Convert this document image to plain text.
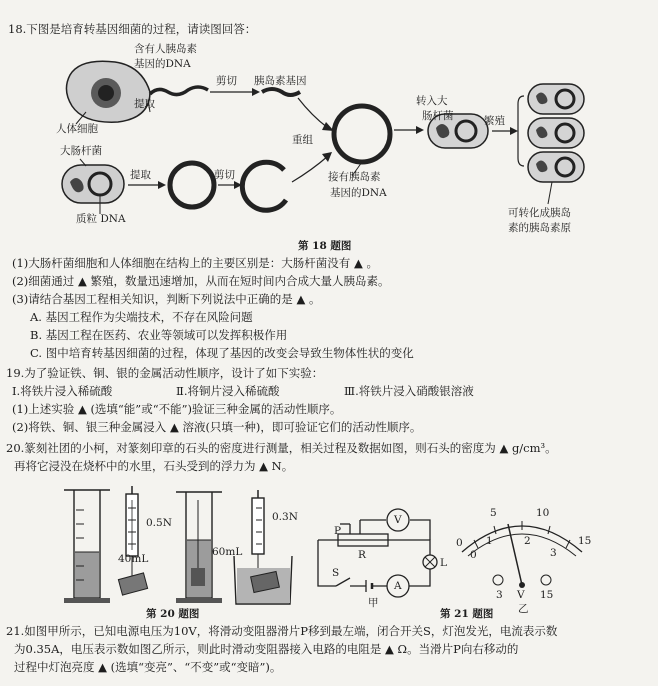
18.下图是培育转基因细菌的过程，请读图回答：
含有人胰岛素
基因的DNA
剪切 胰岛素基因
提取
人体细胞
大肠杆菌
提取	剪切
质粒 DNA
重组
接有胰岛素
基因的DNA
转入大
肠杆菌	繁殖
可转化成胰岛
素的胰岛素原
第 18 题图
(1)大肠杆菌细胞和人体细胞在结构上的主要区别是：大肠杆菌没有 ▲ 。
(2)细菌通过 ▲ 繁殖，数量迅速增加，从而在短时间内合成大量人胰岛素。
(3)请结合基因工程相关知识，判断下列说法中正确的是 ▲ 。
A. 基因工程作为尖端技术，不存在风险问题
B. 基因工程在医药、农业等领域可以发挥积极作用
C. 图中培育转基因细菌的过程，体现了基因的改变会导致生物体性状的变化
19.为了验证铁、铜、银的金属活动性顺序，设计了如下实验：
Ⅰ.将铁片浸入稀硫酸	Ⅱ.将铜片浸入稀硫酸	Ⅲ.将铁片浸入硝酸银溶液
(1)上述实验 ▲ (选填“能”或“不能”)验证三种金属的活动性顺序。
(2)将铁、铜、银三种金属浸入 ▲ 溶液(只填一种)，即可验证它们的活动性顺序。
20.篆刻社团的小柯，对篆刻印章的石头的密度进行测量，相关过程及数据如图，则石头的密度为 ▲ g/cm³。
再将它浸没在烧杯中的水里，石头受到的浮力为 ▲ N。
40mL
0.5N
60mL
0.3N
第 20 题图
P
R
V
A
S
L
甲
5	10
0 1	2
3
15
0
V
3	15
乙
第 21 题图
21.如图甲所示，已知电源电压为10V，将滑动变阻器滑片P移到最左端，闭合开关S，灯泡发光，电流表示数
为0.35A，电压表示数如图乙所示，则此时滑动变阻器接入电路的电阻是 ▲ Ω。当滑片P向右移动的
过程中灯泡亮度 ▲ (选填“变亮”、“不变”或“变暗”)。
